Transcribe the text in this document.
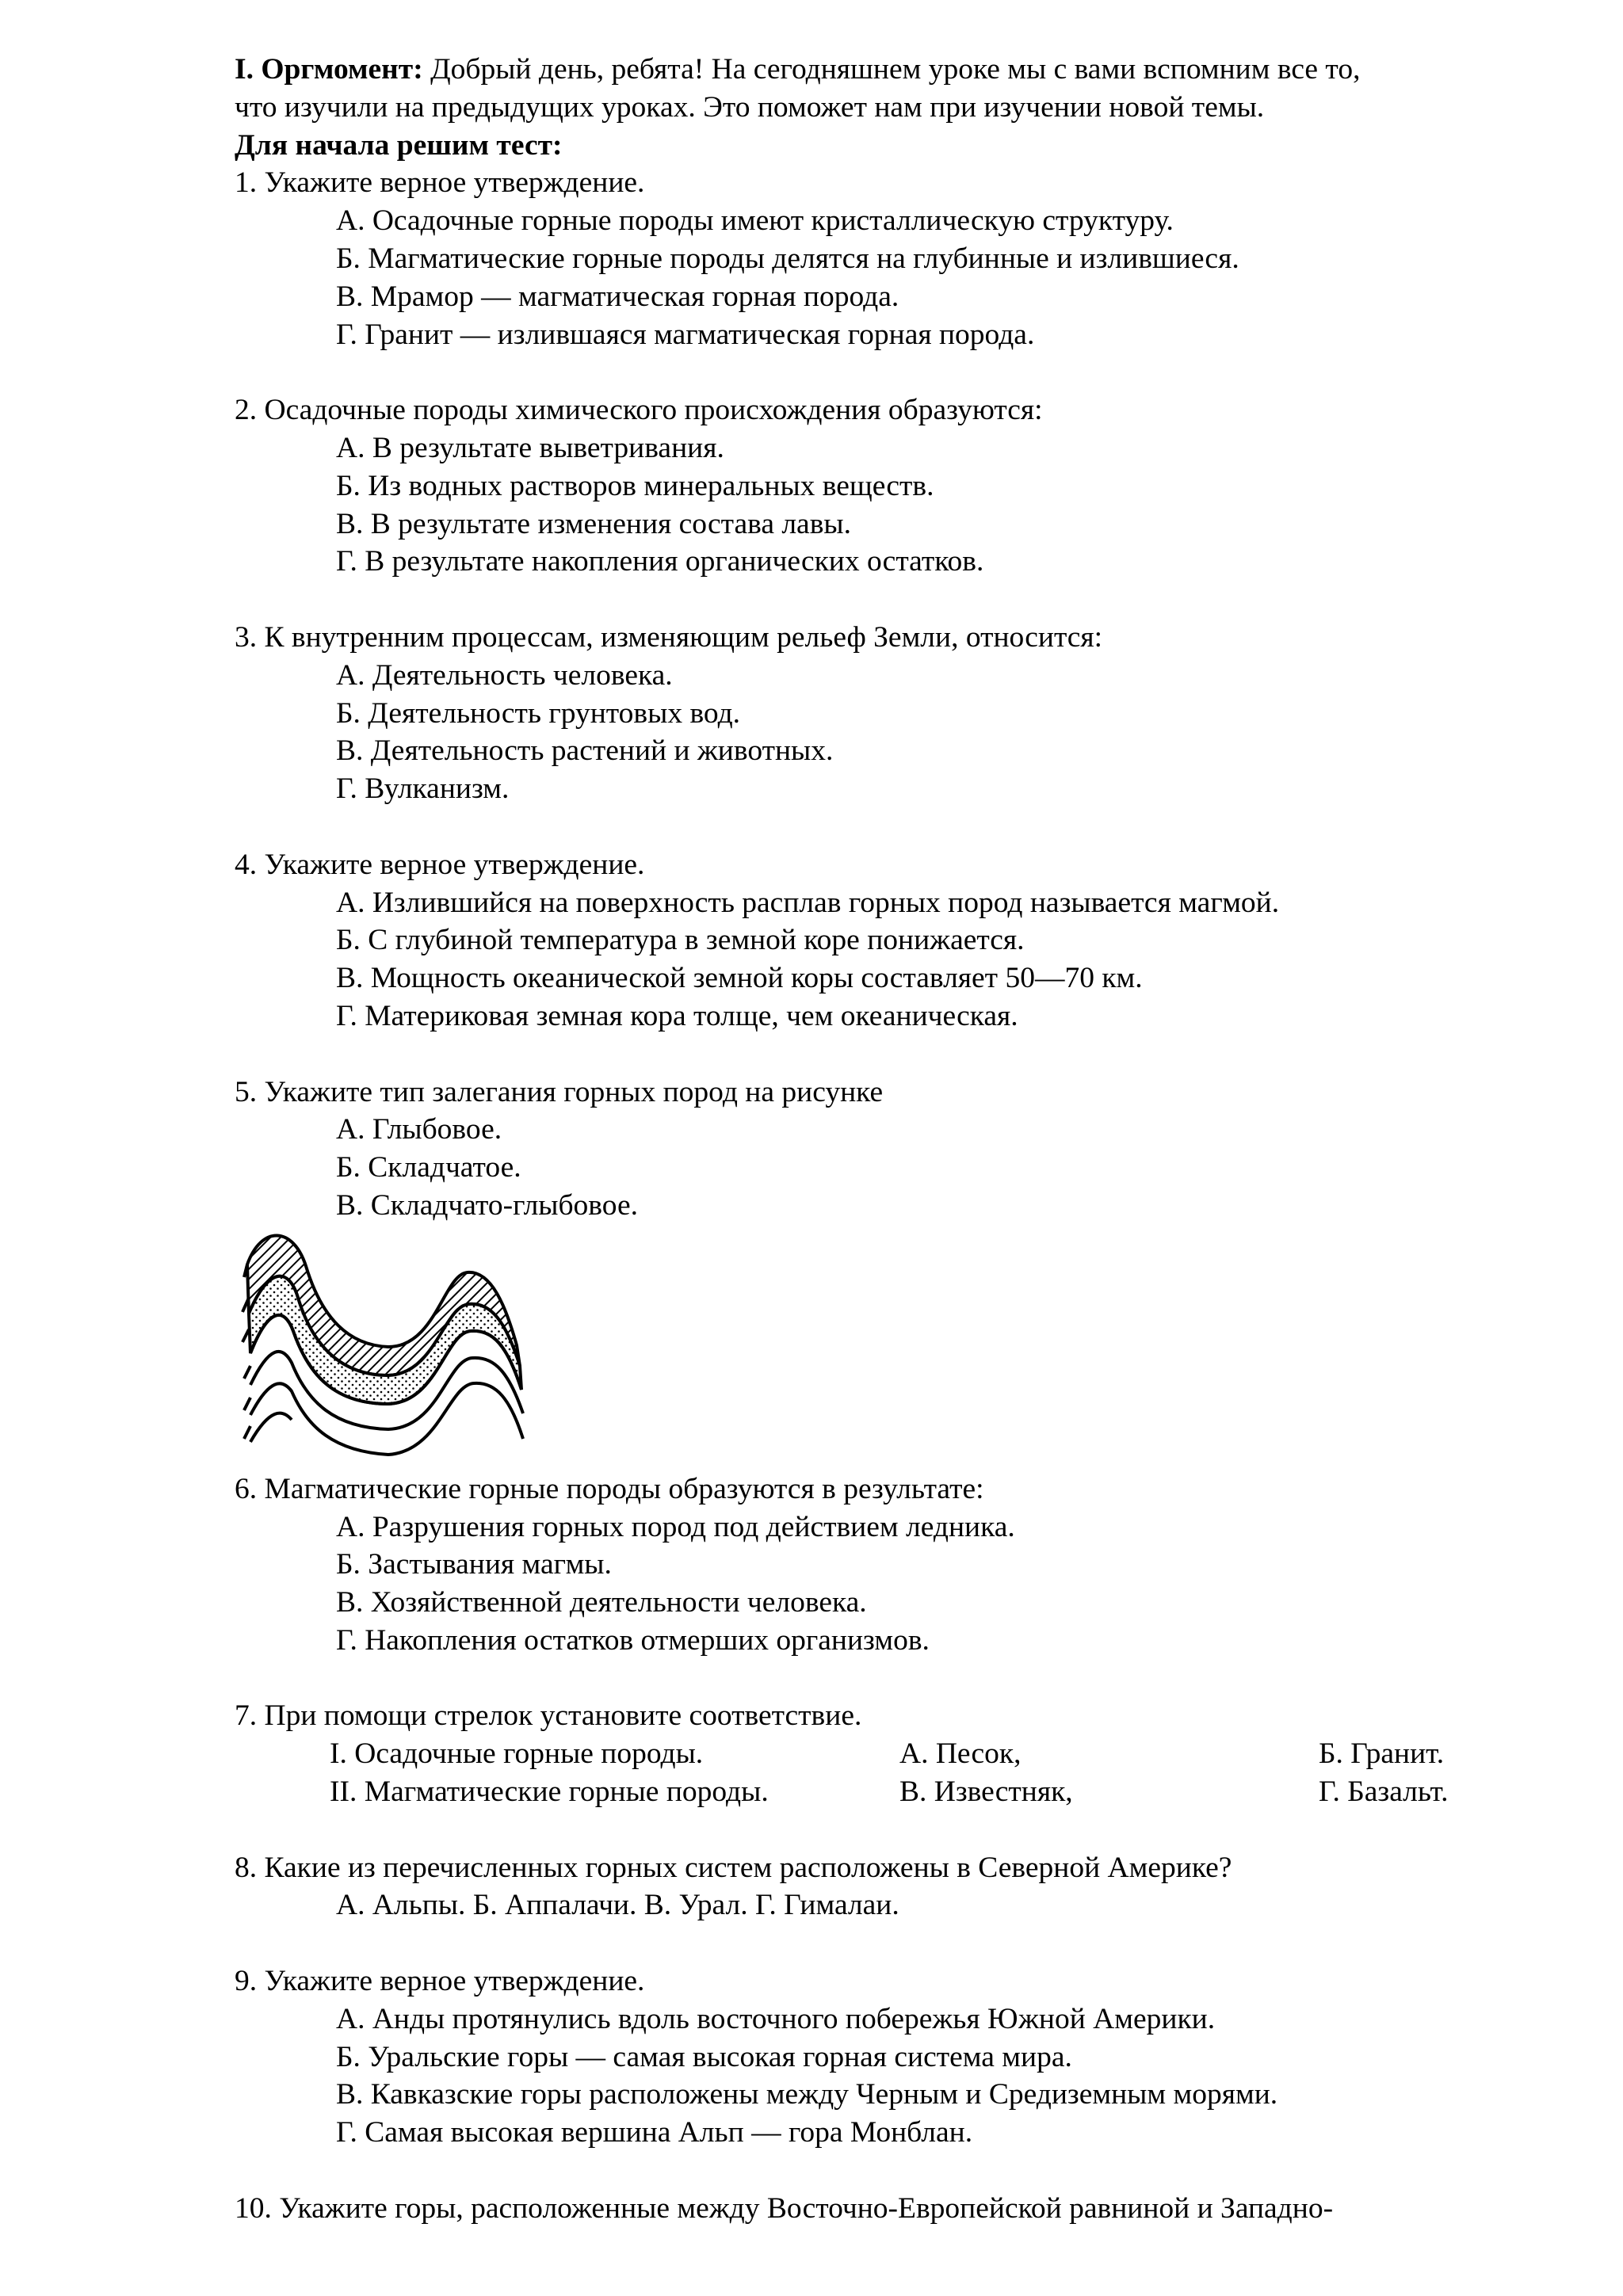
I. Оргмомент: Добрый день, ребята! На сегодняшнем уроке мы с вами вспомним все то,
что изучили на предыдущих уроках. Это поможет нам при изучении новой темы.
Для начала решим тест:
1. Укажите верное утверждение.
А. Осадочные горные породы имеют кристаллическую структуру.
Б. Магматические горные породы делятся на глубинные и излившиеся.
В. Мрамор — магматическая горная порода.
Г. Гранит — излившаяся магматическая горная порода.
2. Осадочные породы химического происхождения образуются:
А. В результате выветривания.
Б. Из водных растворов минеральных веществ.
В. В результате изменения состава лавы.
Г. В результате накопления органических остатков.
3. К внутренним процессам, изменяющим рельеф Земли, относится:
А. Деятельность человека.
Б. Деятельность грунтовых вод.
В. Деятельность растений и животных.
Г. Вулканизм.
4. Укажите верное утверждение.
А. Излившийся на поверхность расплав горных пород называется магмой.
Б. С глубиной температура в земной коре понижается.
В. Мощность океанической земной коры составляет 50—70 км.
Г. Материковая земная кора толще, чем океаническая.
5. Укажите тип залегания горных пород на рисунке
А. Глыбовое.
Б. Складчатое.
В. Складчато-глыбовое.
6. Магматические горные породы образуются в результате:
А. Разрушения горных пород под действием ледника.
Б. Застывания магмы.
В. Хозяйственной деятельности человека.
Г. Накопления остатков отмерших организмов.
7. При помощи стрелок установите соответствие.
I. Осадочные горные породы.	А. Песок,	Б. Гранит.
II. Магматические горные породы.	В. Известняк,	Г. Базальт.
8. Какие из перечисленных горных систем расположены в Северной Америке?
А. Альпы. Б. Аппалачи. В. Урал. Г. Гималаи.
9. Укажите верное утверждение.
А. Анды протянулись вдоль восточного побережья Южной Америки.
Б. Уральские горы — самая высокая горная система мира.
В. Кавказские горы расположены между Черным и Средиземным морями.
Г. Самая высокая вершина Альп — гора Монблан.
10. Укажите горы, расположенные между Восточно-Европейской равниной и Западно-
